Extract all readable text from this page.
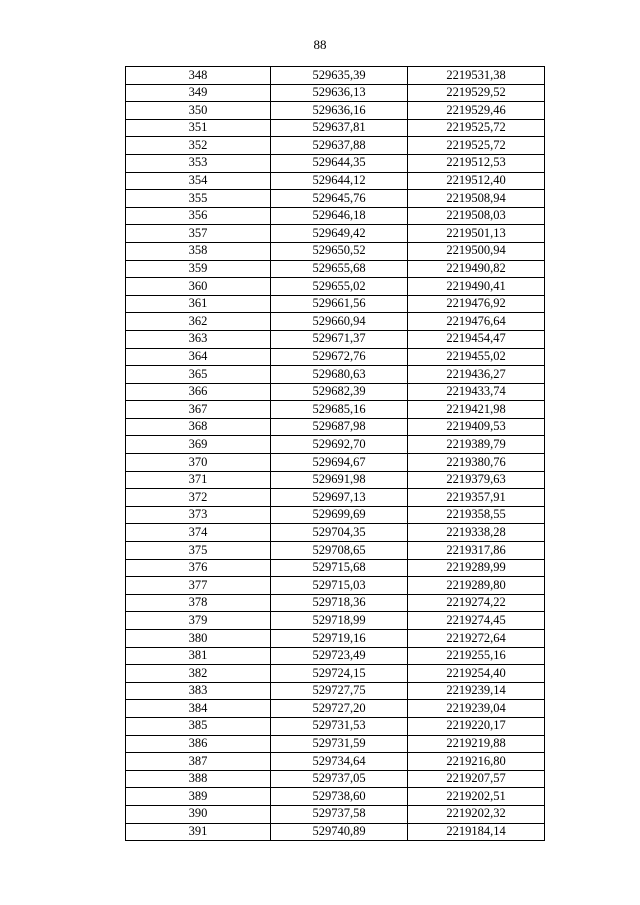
88
348	529635,39	2219531,38
349	529636,13	2219529,52
350	529636,16	2219529,46
351	529637,81	2219525,72
352	529637,88	2219525,72
353	529644,35	2219512,53
354	529644,12	2219512,40
355	529645,76	2219508,94
356	529646,18	2219508,03
357	529649,42	2219501,13
358	529650,52	2219500,94
359	529655,68	2219490,82
360	529655,02	2219490,41
361	529661,56	2219476,92
362	529660,94	2219476,64
363	529671,37	2219454,47
364	529672,76	2219455,02
365	529680,63	2219436,27
366	529682,39	2219433,74
367	529685,16	2219421,98
368	529687,98	2219409,53
369	529692,70	2219389,79
370	529694,67	2219380,76
371	529691,98	2219379,63
372	529697,13	2219357,91
373	529699,69	2219358,55
374	529704,35	2219338,28
375	529708,65	2219317,86
376	529715,68	2219289,99
377	529715,03	2219289,80
378	529718,36	2219274,22
379	529718,99	2219274,45
380	529719,16	2219272,64
381	529723,49	2219255,16
382	529724,15	2219254,40
383	529727,75	2219239,14
384	529727,20	2219239,04
385	529731,53	2219220,17
386	529731,59	2219219,88
387	529734,64	2219216,80
388	529737,05	2219207,57
389	529738,60	2219202,51
390	529737,58	2219202,32
391	529740,89	2219184,14
